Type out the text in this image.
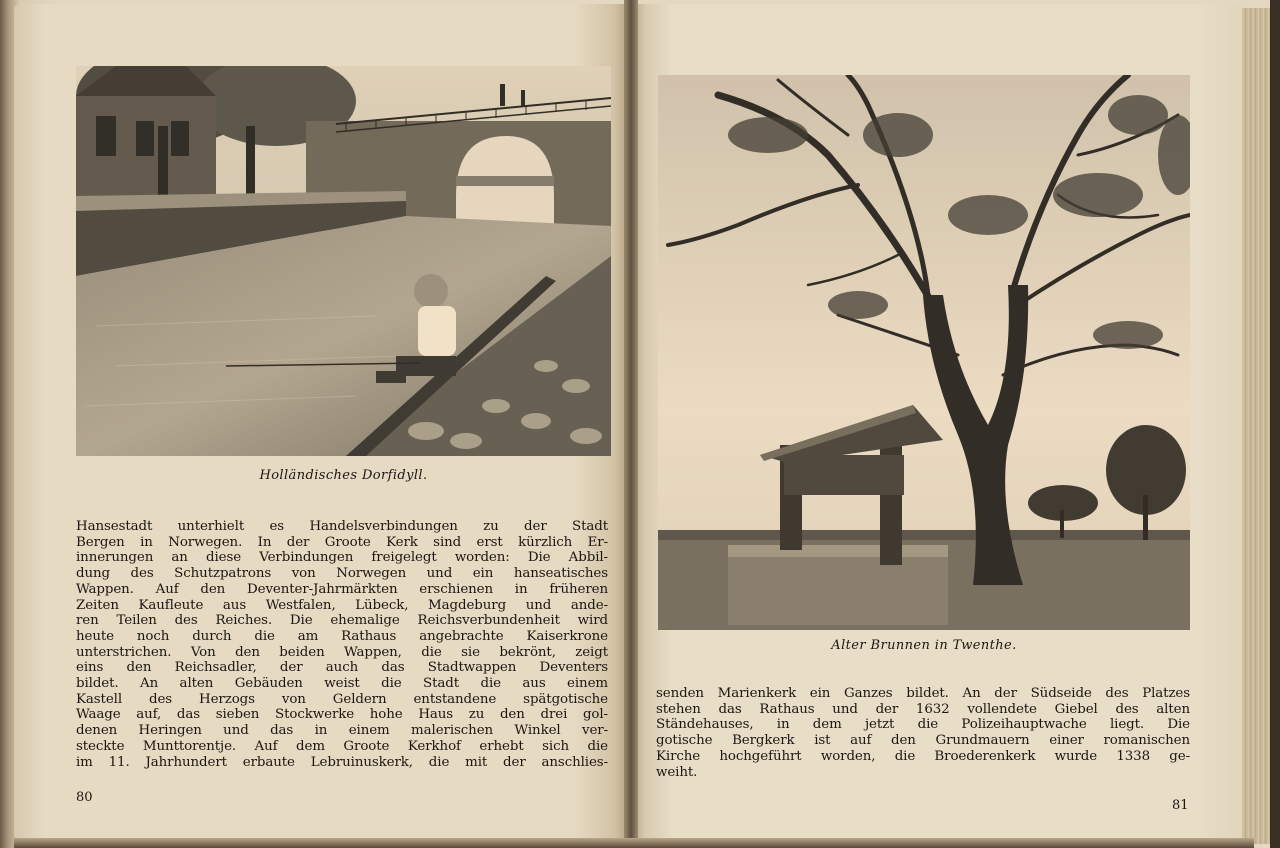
Holländisches Dorfidyll.
Hansestadt unterhielt es Handelsverbindungen zu der Stadt
Bergen in Norwegen. In der Groote Kerk sind erst kürzlich Er-
innerungen an diese Verbindungen freigelegt worden: Die Abbil-
dung des Schutzpatrons von Norwegen und ein hanseatisches
Wappen. Auf den Deventer-Jahrmärkten erschienen in früheren
Zeiten Kaufleute aus Westfalen, Lübeck, Magdeburg und ande-
ren Teilen des Reiches. Die ehemalige Reichsverbundenheit wird
heute noch durch die am Rathaus angebrachte Kaiserkrone
unterstrichen. Von den beiden Wappen, die sie bekrönt, zeigt
eins den Reichsadler, der auch das Stadtwappen Deventers
bildet. An alten Gebäuden weist die Stadt die aus einem
Kastell des Herzogs von Geldern entstandene spätgotische
Waage auf, das sieben Stockwerke hohe Haus zu den drei gol-
denen Heringen und das in einem malerischen Winkel ver-
steckte Munttorentje. Auf dem Groote Kerkhof erhebt sich die
im 11. Jahrhundert erbaute Lebruinuskerk, die mit der anschlies-
80
Alter Brunnen in Twenthe.
senden Marienkerk ein Ganzes bildet. An der Südseide des Platzes
stehen das Rathaus und der 1632 vollendete Giebel des alten
Ständehauses, in dem jetzt die Polizeihauptwache liegt. Die
gotische Bergkerk ist auf den Grundmauern einer romanischen
Kirche hochgeführt worden, die Broederenkerk wurde 1338 ge-
weiht.
81
